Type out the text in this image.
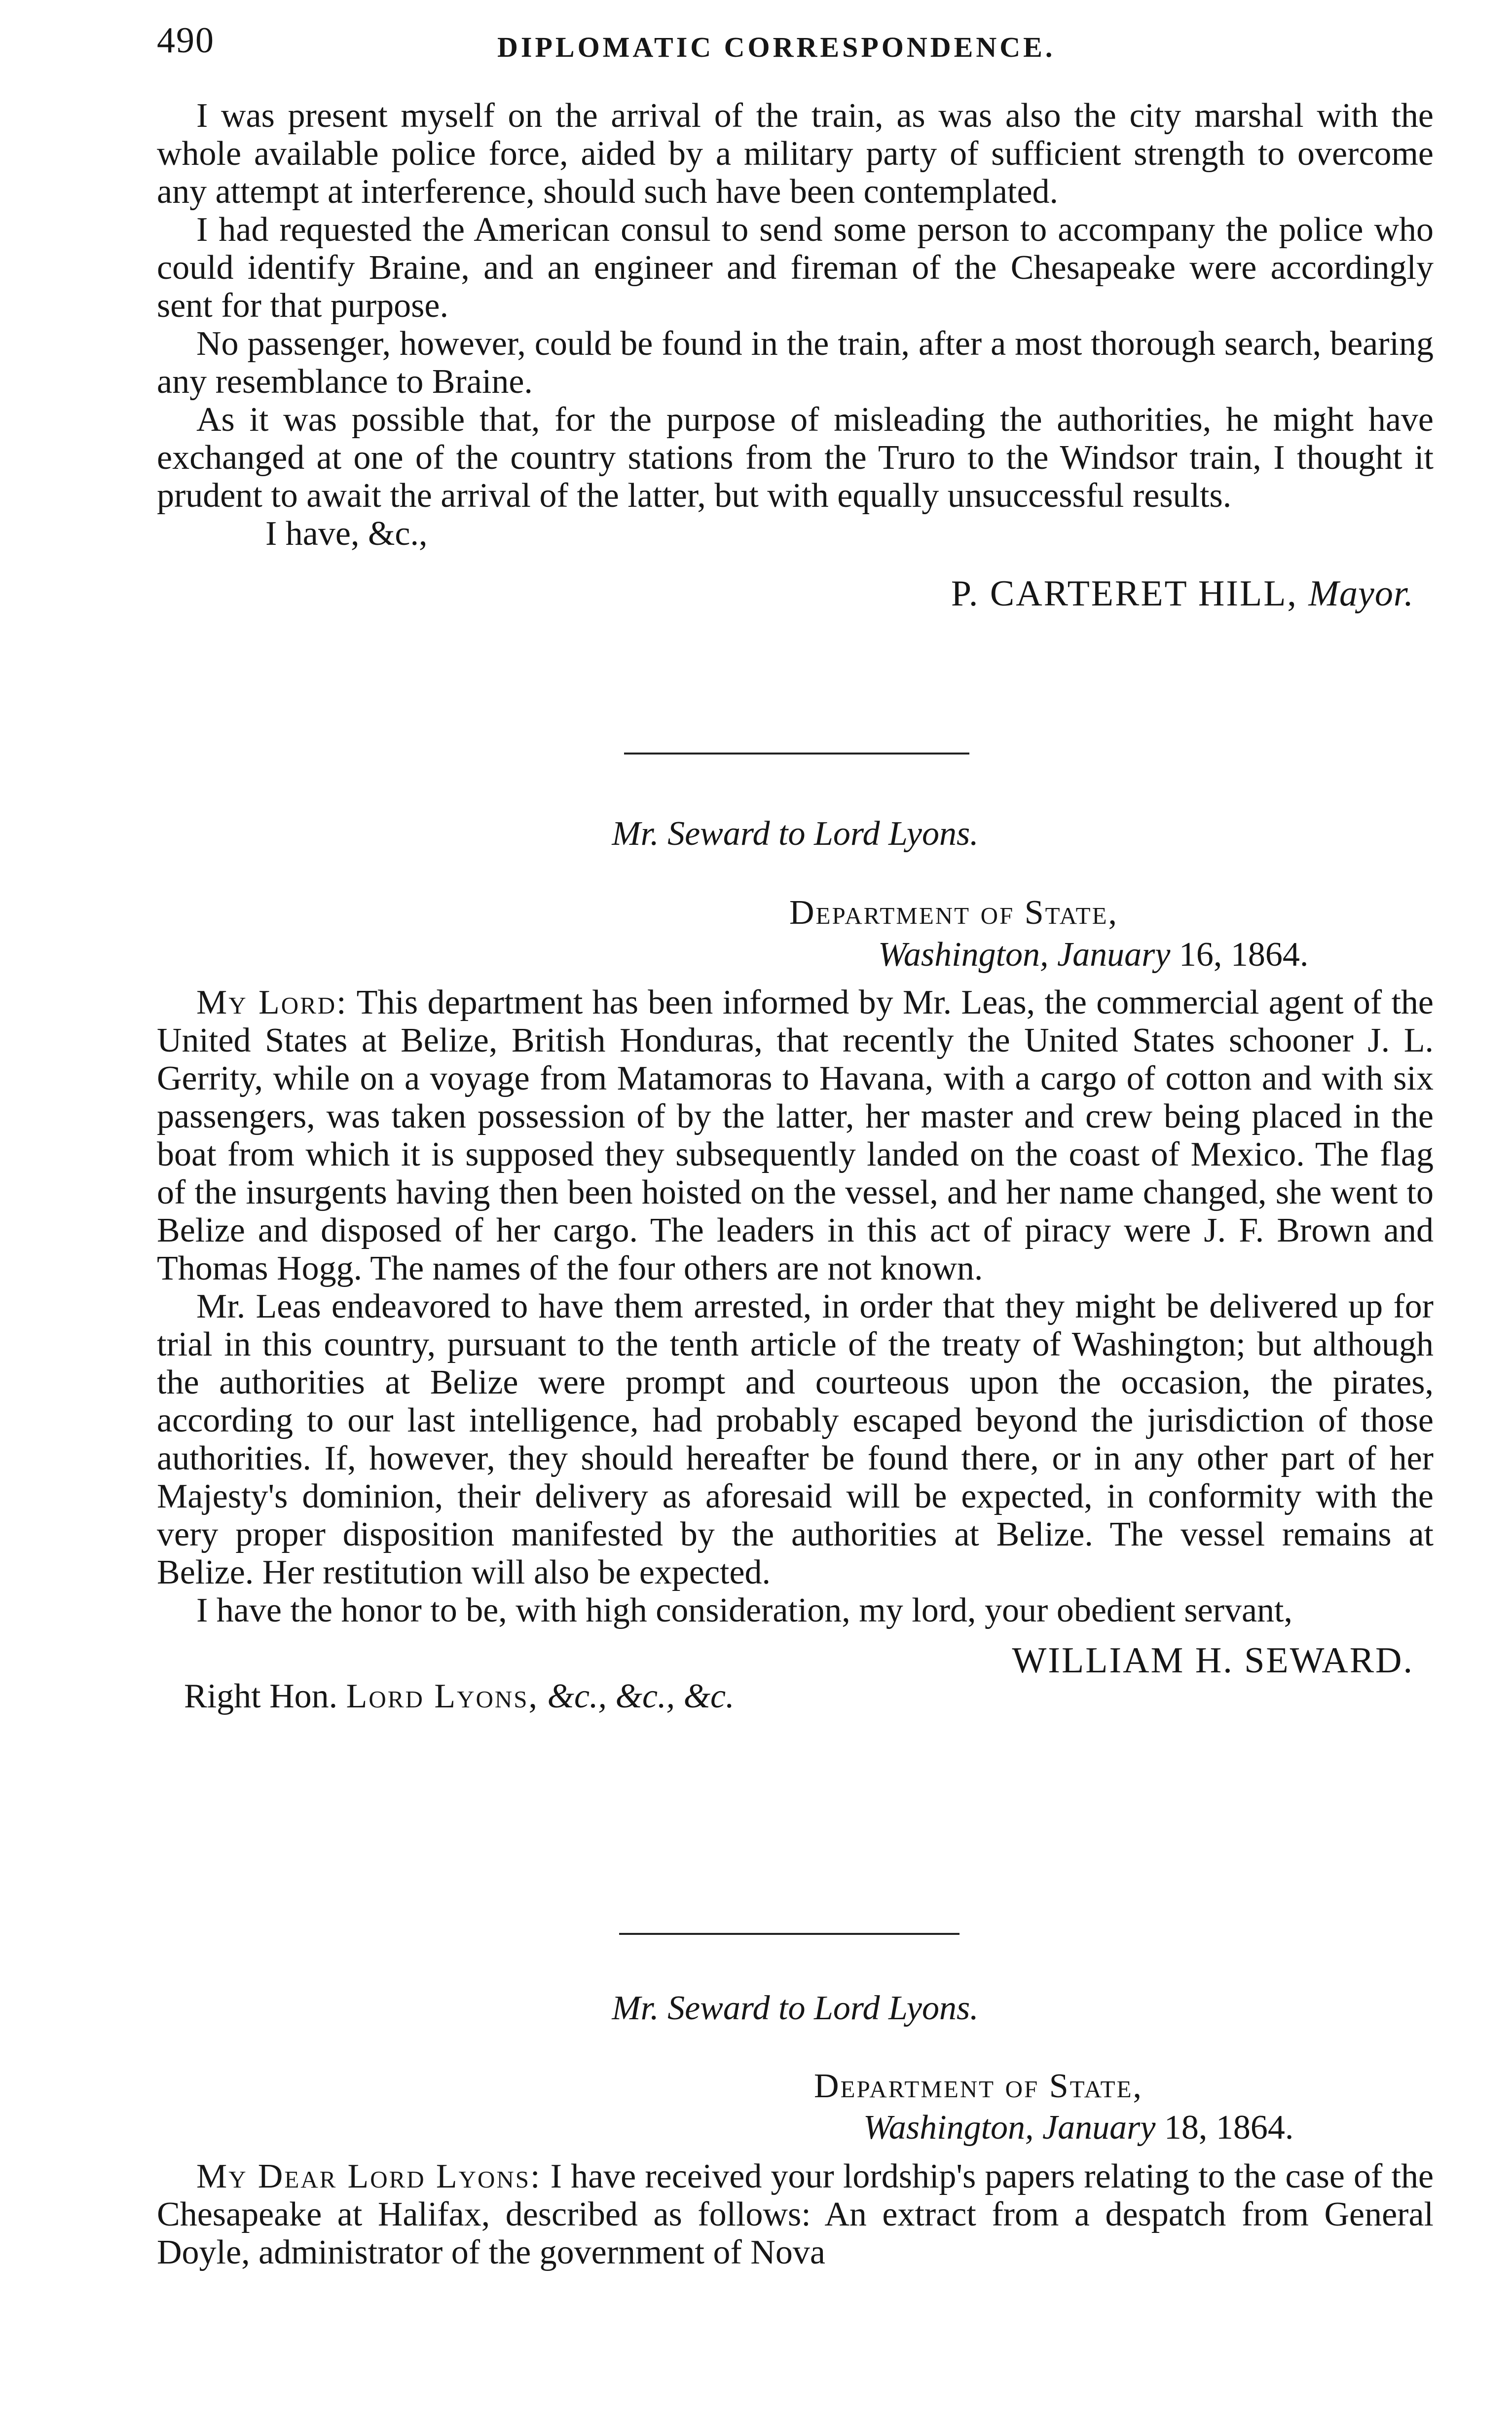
490	DIPLOMATIC CORRESPONDENCE.

I was present myself on the arrival of the train, as was also the city marshal with the whole available police force, aided by a military party of sufficient strength to overcome any attempt at interference, should such have been contemplated.

I had requested the American consul to send some person to accompany the police who could identify Braine, and an engineer and fireman of the Chesapeake were accordingly sent for that purpose.

No passenger, however, could be found in the train, after a most thorough search, bearing any resemblance to Braine.

As it was possible that, for the purpose of misleading the authorities, he might have exchanged at one of the country stations from the Truro to the Windsor train, I thought it prudent to await the arrival of the latter, but with equally unsuccessful results.

I have, &c.,
P. CARTERET HILL, Mayor.
Mr. Seward to Lord Lyons.
Department of State,
Washington, January 16, 1864.

My Lord: This department has been informed by Mr. Leas, the commercial agent of the United States at Belize, British Honduras, that recently the United States schooner J. L. Gerrity, while on a voyage from Matamoras to Havana, with a cargo of cotton and with six passengers, was taken possession of by the latter, her master and crew being placed in the boat from which it is supposed they subsequently landed on the coast of Mexico. The flag of the insurgents having then been hoisted on the vessel, and her name changed, she went to Belize and disposed of her cargo. The leaders in this act of piracy were J. F. Brown and Thomas Hogg. The names of the four others are not known.

Mr. Leas endeavored to have them arrested, in order that they might be delivered up for trial in this country, pursuant to the tenth article of the treaty of Washington; but although the authorities at Belize were prompt and courteous upon the occasion, the pirates, according to our last intelligence, had probably escaped beyond the jurisdiction of those authorities. If, however, they should hereafter be found there, or in any other part of her Majesty's dominion, their delivery as aforesaid will be expected, in conformity with the very proper disposition manifested by the authorities at Belize. The vessel remains at Belize. Her restitution will also be expected.

I have the honor to be, with high consideration, my lord, your obedient servant,

WILLIAM H. SEWARD.
Right Hon. Lord Lyons, &c., &c., &c.
Mr. Seward to Lord Lyons.
Department of State,
Washington, January 18, 1864.

My Dear Lord Lyons: I have received your lordship's papers relating to the case of the Chesapeake at Halifax, described as follows: An extract from a despatch from General Doyle, administrator of the government of Nova
